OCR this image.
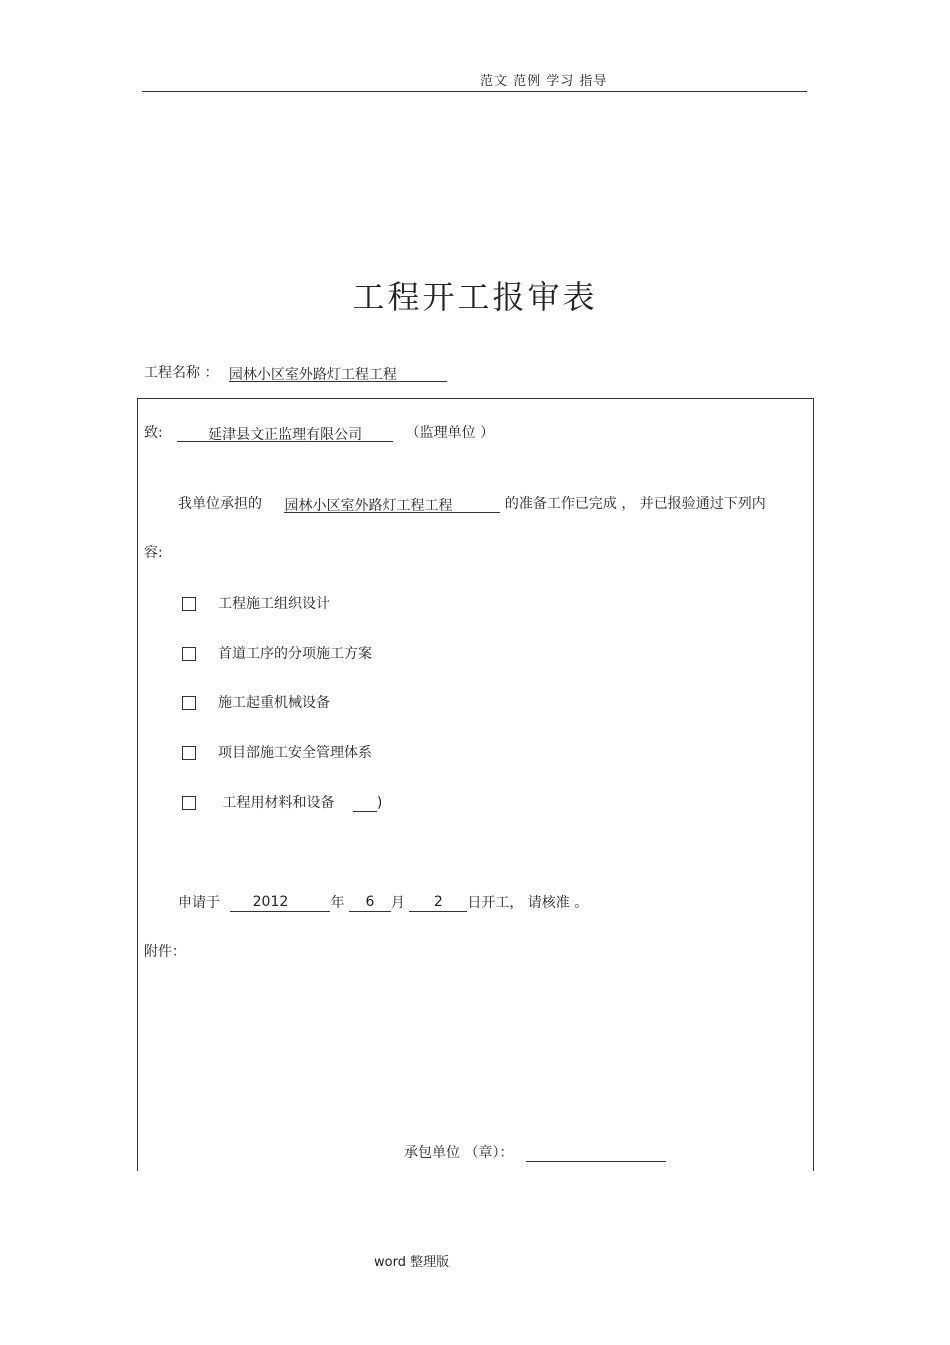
范文 范例 学习 指导
工程开工报审表
工程名称 ： 园林小区室外路灯工程工程
致:	延津县文正监理有限公司	（监理单位 ）
我单位承担的 园林小区室外路灯工程工程	的准备工作已完成 ， 并已报验通过下列内
容:
工程施工组织设计
首道工序的分项施工方案
施工起重机械设备
项目部施工安全管理体系
工程用材料和设备	)
申请于 2012	年 6 月 2 日开工， 请核准 。
附件：
承包单位 （章）：
word 整理版
